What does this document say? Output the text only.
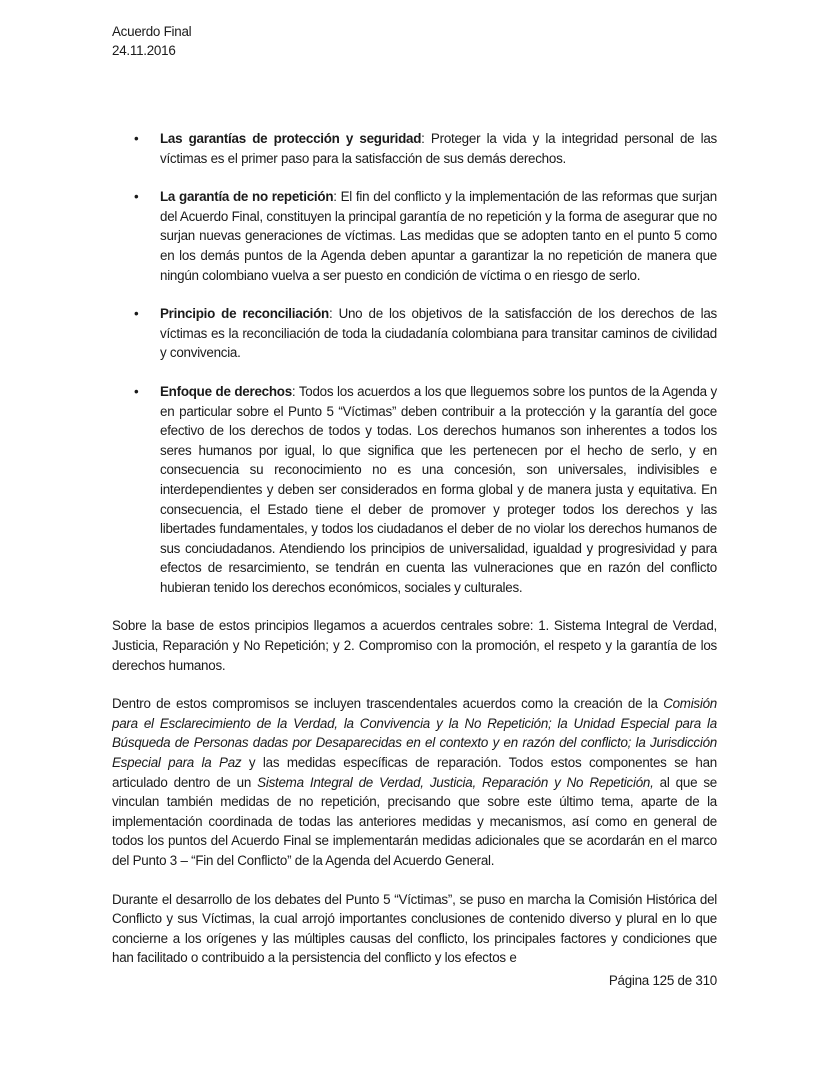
Acuerdo Final
24.11.2016
• Las garantías de protección y seguridad: Proteger la vida y la integridad personal de las víctimas es el primer paso para la satisfacción de sus demás derechos.
• La garantía de no repetición: El fin del conflicto y la implementación de las reformas que surjan del Acuerdo Final, constituyen la principal garantía de no repetición y la forma de asegurar que no surjan nuevas generaciones de víctimas. Las medidas que se adopten tanto en el punto 5 como en los demás puntos de la Agenda deben apuntar a garantizar la no repetición de manera que ningún colombiano vuelva a ser puesto en condición de víctima o en riesgo de serlo.
• Principio de reconciliación: Uno de los objetivos de la satisfacción de los derechos de las víctimas es la reconciliación de toda la ciudadanía colombiana para transitar caminos de civilidad y convivencia.
• Enfoque de derechos: Todos los acuerdos a los que lleguemos sobre los puntos de la Agenda y en particular sobre el Punto 5 “Víctimas” deben contribuir a la protección y la garantía del goce efectivo de los derechos de todos y todas. Los derechos humanos son inherentes a todos los seres humanos por igual, lo que significa que les pertenecen por el hecho de serlo, y en consecuencia su reconocimiento no es una concesión, son universales, indivisibles e interdependientes y deben ser considerados en forma global y de manera justa y equitativa. En consecuencia, el Estado tiene el deber de promover y proteger todos los derechos y las libertades fundamentales, y todos los ciudadanos el deber de no violar los derechos humanos de sus conciudadanos. Atendiendo los principios de universalidad, igualdad y progresividad y para efectos de resarcimiento, se tendrán en cuenta las vulneraciones que en razón del conflicto hubieran tenido los derechos económicos, sociales y culturales.

Sobre la base de estos principios llegamos a acuerdos centrales sobre: 1. Sistema Integral de Verdad, Justicia, Reparación y No Repetición; y 2. Compromiso con la promoción, el respeto y la garantía de los derechos humanos.

Dentro de estos compromisos se incluyen trascendentales acuerdos como la creación de la Comisión para el Esclarecimiento de la Verdad, la Convivencia y la No Repetición; la Unidad Especial para la Búsqueda de Personas dadas por Desaparecidas en el contexto y en razón del conflicto; la Jurisdicción Especial para la Paz y las medidas específicas de reparación. Todos estos componentes se han articulado dentro de un Sistema Integral de Verdad, Justicia, Reparación y No Repetición, al que se vinculan también medidas de no repetición, precisando que sobre este último tema, aparte de la implementación coordinada de todas las anteriores medidas y mecanismos, así como en general de todos los puntos del Acuerdo Final se implementarán medidas adicionales que se acordarán en el marco del Punto 3 – “Fin del Conflicto” de la Agenda del Acuerdo General.

Durante el desarrollo de los debates del Punto 5 “Víctimas”, se puso en marcha la Comisión Histórica del Conflicto y sus Víctimas, la cual arrojó importantes conclusiones de contenido diverso y plural en lo que concierne a los orígenes y las múltiples causas del conflicto, los principales factores y condiciones que han facilitado o contribuido a la persistencia del conflicto y los efectos e

Página 125 de 310
